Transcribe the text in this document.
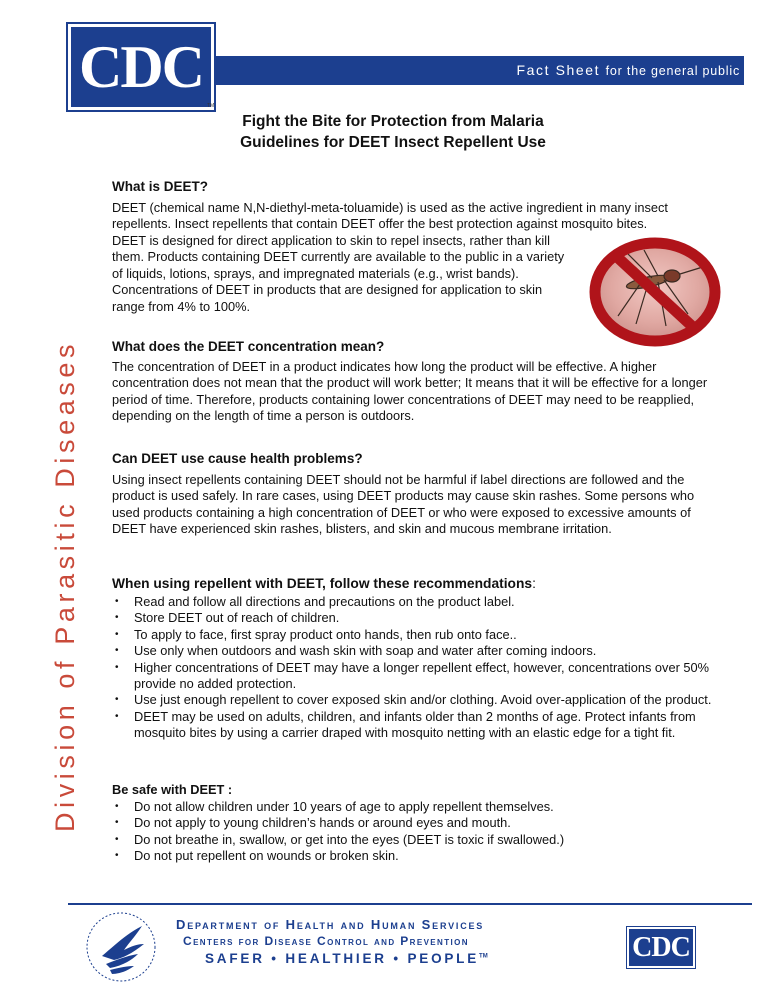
Fact Sheet for the general public
CDC
TM
Fight the Bite for Protection from Malaria
Guidelines for DEET Insect Repellent Use
Division of Parasitic Diseases
What is DEET?

DEET (chemical name N,N-diethyl-meta-toluamide) is used as the active ingredient in many insect repellents. Insect repellents that contain DEET offer the best protection against mosquito bites.

DEET is designed for direct application to skin to repel insects, rather than kill them. Products containing DEET currently are available to the public in a variety of liquids, lotions, sprays, and impregnated materials (e.g., wrist bands). Concentrations of DEET in products that are designed for application to skin range from 4% to 100%.

What does the DEET concentration mean?

The concentration of DEET in a product indicates how long the product will be effective. A higher concentration does not mean that the product will work better; It means that it will be effective for a longer period of time. Therefore, products containing lower concentrations of DEET may need to be reapplied, depending on the length of time a person is outdoors.

Can DEET use cause health problems?

Using insect repellents containing DEET should not be harmful if label directions are followed and the product is used safely. In rare cases, using DEET products may cause skin rashes. Some persons who used products containing a high concentration of DEET or who were exposed to excessive amounts of DEET have experienced skin rashes, blisters, and skin and mucous membrane irritation.

When using repellent with DEET, follow these recommendations:
• Read and follow all directions and precautions on the product label.
• Store DEET out of reach of children.
• To apply to face, first spray product onto hands, then rub onto face..
• Use only when outdoors and wash skin with soap and water after coming indoors.
• Higher concentrations of DEET may have a longer repellent effect, however, concentrations over 50% provide no added protection.
• Use just enough repellent to cover exposed skin and/or clothing. Avoid over-application of the product.
• DEET may be used on adults, children, and infants older than 2 months of age. Protect infants from mosquito bites by using a carrier draped with mosquito netting with an elastic edge for a tight fit.
Be safe with DEET :
• Do not allow children under 10 years of age to apply repellent themselves.
• Do not apply to young children’s hands or around eyes and mouth.
• Do not breathe in, swallow, or get into the eyes (DEET is toxic if swallowed.)
• Do not put repellent on wounds or broken skin.
Department of Health and Human Services
Centers for Disease Control and Prevention
SAFER • HEALTHIER • PEOPLE™	CDC
